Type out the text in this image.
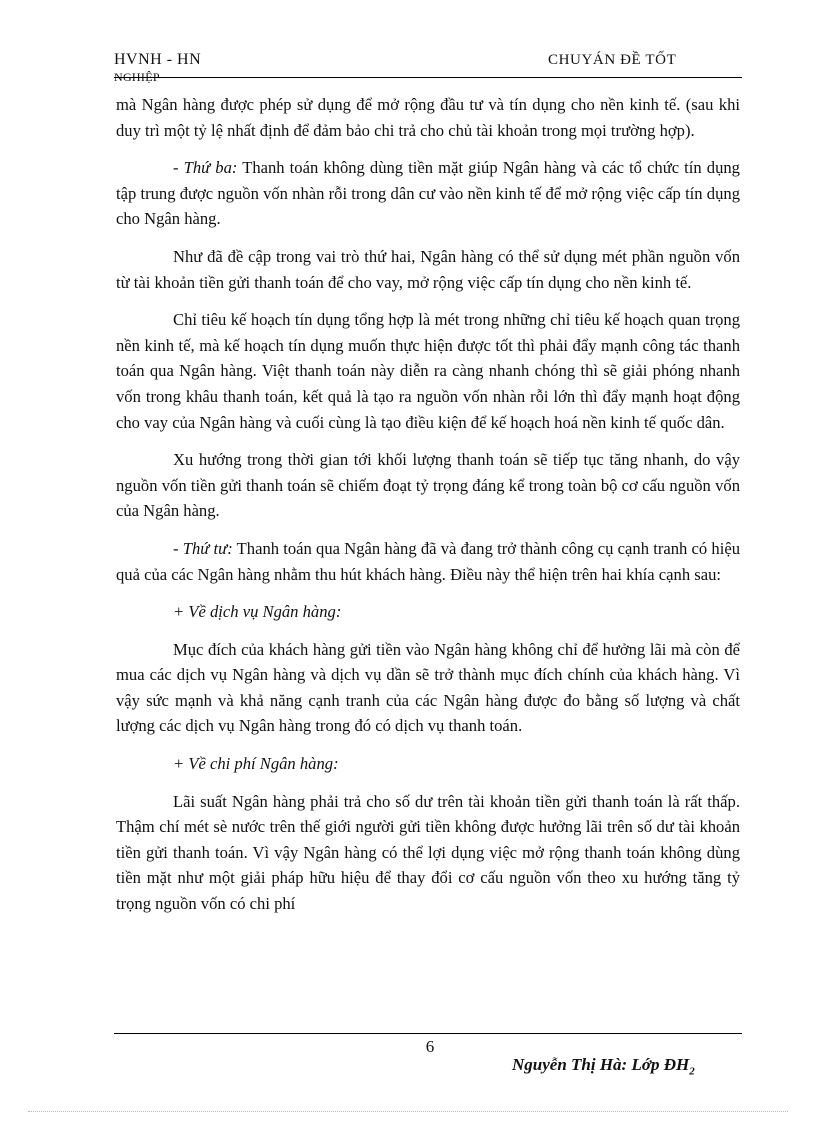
HVNH - HN
NGHIỆP
CHUYÁN ĐỀ TỐT

mà Ngân hàng được phép sử dụng để mở rộng đầu tư và tín dụng cho nền kinh tế. (sau khi duy trì một tỷ lệ nhất định để đảm bảo chi trả cho chủ tài khoản trong mọi trường hợp).

- Thứ ba: Thanh toán không dùng tiền mặt giúp Ngân hàng và các tổ chức tín dụng tập trung được nguồn vốn nhàn rỗi trong dân cư vào nền kinh tế để mở rộng việc cấp tín dụng cho Ngân hàng.

Như đã đề cập trong vai trò thứ hai, Ngân hàng có thể sử dụng mét phần nguồn vốn từ tài khoản tiền gửi thanh toán để cho vay, mở rộng việc cấp tín dụng cho nền kinh tế.

Chỉ tiêu kế hoạch tín dụng tổng hợp là mét trong những chỉ tiêu kế hoạch quan trọng nền kinh tế, mà kế hoạch tín dụng muốn thực hiện được tốt thì phải đẩy mạnh công tác thanh toán qua Ngân hàng. Việt thanh toán này diễn ra càng nhanh chóng thì sẽ giải phóng nhanh vốn trong khâu thanh toán, kết quả là tạo ra nguồn vốn nhàn rỗi lớn thì đẩy mạnh hoạt động cho vay của Ngân hàng và cuối cùng là tạo điều kiện để kế hoạch hoá nền kinh tế quốc dân.

Xu hướng trong thời gian tới khối lượng thanh toán sẽ tiếp tục tăng nhanh, do vậy nguồn vốn tiền gửi thanh toán sẽ chiếm đoạt tỷ trọng đáng kể trong toàn bộ cơ cấu nguồn vốn của Ngân hàng.

- Thứ tư: Thanh toán qua Ngân hàng đã và đang trở thành công cụ cạnh tranh có hiệu quả của các Ngân hàng nhằm thu hút khách hàng. Điều này thể hiện trên hai khía cạnh sau:

+ Về dịch vụ Ngân hàng:

Mục đích của khách hàng gửi tiền vào Ngân hàng không chỉ để hưởng lãi mà còn để mua các dịch vụ Ngân hàng và dịch vụ dần sẽ trở thành mục đích chính của khách hàng. Vì vậy sức mạnh và khả năng cạnh tranh của các Ngân hàng được đo bằng số lượng và chất lượng các dịch vụ Ngân hàng trong đó có dịch vụ thanh toán.

+ Về chi phí Ngân hàng:

Lãi suất Ngân hàng phải trả cho số dư trên tài khoản tiền gửi thanh toán là rất thấp. Thậm chí mét sè nước trên thế giới người gửi tiền không được hưởng lãi trên số dư tài khoản tiền gửi thanh toán. Vì vậy Ngân hàng có thể lợi dụng việc mở rộng thanh toán không dùng tiền mặt như một giải pháp hữu hiệu để thay đổi cơ cấu nguồn vốn theo xu hướng tăng tỷ trọng nguồn vốn có chi phí

6
Nguyễn Thị Hà: Lớp $ĐH_2$
